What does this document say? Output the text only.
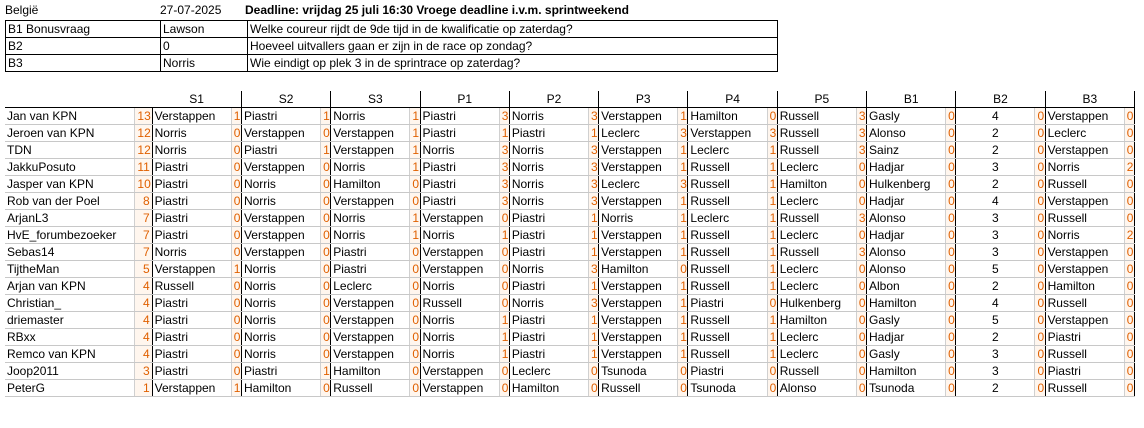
België	27-07-2025 Deadline: vrijdag 25 juli 16:30 Vroege deadline i.v.m. sprintweekend
B1 Bonusvraag	Lawson	Welke coureur rijdt de 9de tijd in de kwalificatie op zaterdag?
B2	0	Hoeveel uitvallers gaan er zijn in de race op zondag?
B3	Norris	Wie eindigt op plek 3 in de sprintrace op zaterdag?
		S1		S2		S3		P1		P2		P3		P4		P5		B1		B2		B3	
Jan van KPN	13	Verstappen	1	Piastri	1	Norris	1	Piastri	3	Norris	3	Verstappen	1	Hamilton	0	Russell	3	Gasly	0	4	0	Verstappen	0
Jeroen van KPN	12	Norris	0	Verstappen	0	Verstappen	1	Piastri	1	Piastri	1	Leclerc	3	Verstappen	3	Russell	3	Alonso	0	2	0	Leclerc	0
TDN	12	Norris	0	Piastri	1	Verstappen	1	Norris	3	Norris	3	Verstappen	1	Leclerc	1	Russell	3	Sainz	0	2	0	Verstappen	0
JakkuPosuto	11	Piastri	0	Verstappen	0	Norris	1	Piastri	3	Norris	3	Verstappen	1	Russell	1	Leclerc	0	Hadjar	0	3	0	Norris	2
Jasper van KPN	10	Piastri	0	Norris	0	Hamilton	0	Piastri	3	Norris	3	Leclerc	3	Russell	1	Hamilton	0	Hulkenberg	0	2	0	Russell	0
Rob van der Poel	8	Piastri	0	Norris	0	Verstappen	0	Piastri	3	Norris	3	Verstappen	1	Russell	1	Leclerc	0	Hadjar	0	4	0	Verstappen	0
ArjanL3	7	Piastri	0	Verstappen	0	Norris	1	Verstappen	0	Piastri	1	Norris	1	Leclerc	1	Russell	3	Alonso	0	3	0	Russell	0
HvE_forumbezoeker	7	Piastri	0	Verstappen	0	Norris	1	Norris	1	Piastri	1	Verstappen	1	Russell	1	Leclerc	0	Hadjar	0	3	0	Norris	2
Sebas14	7	Norris	0	Verstappen	0	Piastri	0	Verstappen	0	Piastri	1	Verstappen	1	Russell	1	Russell	3	Alonso	0	3	0	Verstappen	0
TijtheMan	5	Verstappen	1	Norris	0	Piastri	0	Verstappen	0	Norris	3	Hamilton	0	Russell	1	Leclerc	0	Alonso	0	5	0	Verstappen	0
Arjan van KPN	4	Russell	0	Norris	0	Leclerc	0	Norris	0	Piastri	1	Verstappen	1	Russell	1	Leclerc	0	Albon	0	2	0	Hamilton	0
Christian_	4	Piastri	0	Norris	0	Verstappen	0	Russell	0	Norris	3	Verstappen	1	Piastri	0	Hulkenberg	0	Hamilton	0	4	0	Russell	0
driemaster	4	Piastri	0	Norris	0	Verstappen	0	Norris	1	Piastri	1	Verstappen	1	Russell	1	Hamilton	0	Gasly	0	5	0	Verstappen	0
RBxx	4	Piastri	0	Norris	0	Verstappen	0	Norris	1	Piastri	1	Verstappen	1	Russell	1	Leclerc	0	Hadjar	0	2	0	Piastri	0
Remco van KPN	4	Piastri	0	Norris	0	Verstappen	0	Norris	1	Piastri	1	Verstappen	1	Russell	1	Leclerc	0	Gasly	0	3	0	Russell	0
Joop2011	3	Piastri	0	Piastri	1	Hamilton	0	Verstappen	0	Leclerc	0	Tsunoda	0	Piastri	0	Russell	0	Hamilton	0	3	0	Piastri	0
PeterG	1	Verstappen	1	Hamilton	0	Russell	0	Verstappen	0	Hamilton	0	Russell	0	Tsunoda	0	Alonso	0	Tsunoda	0	2	0	Russell	0
